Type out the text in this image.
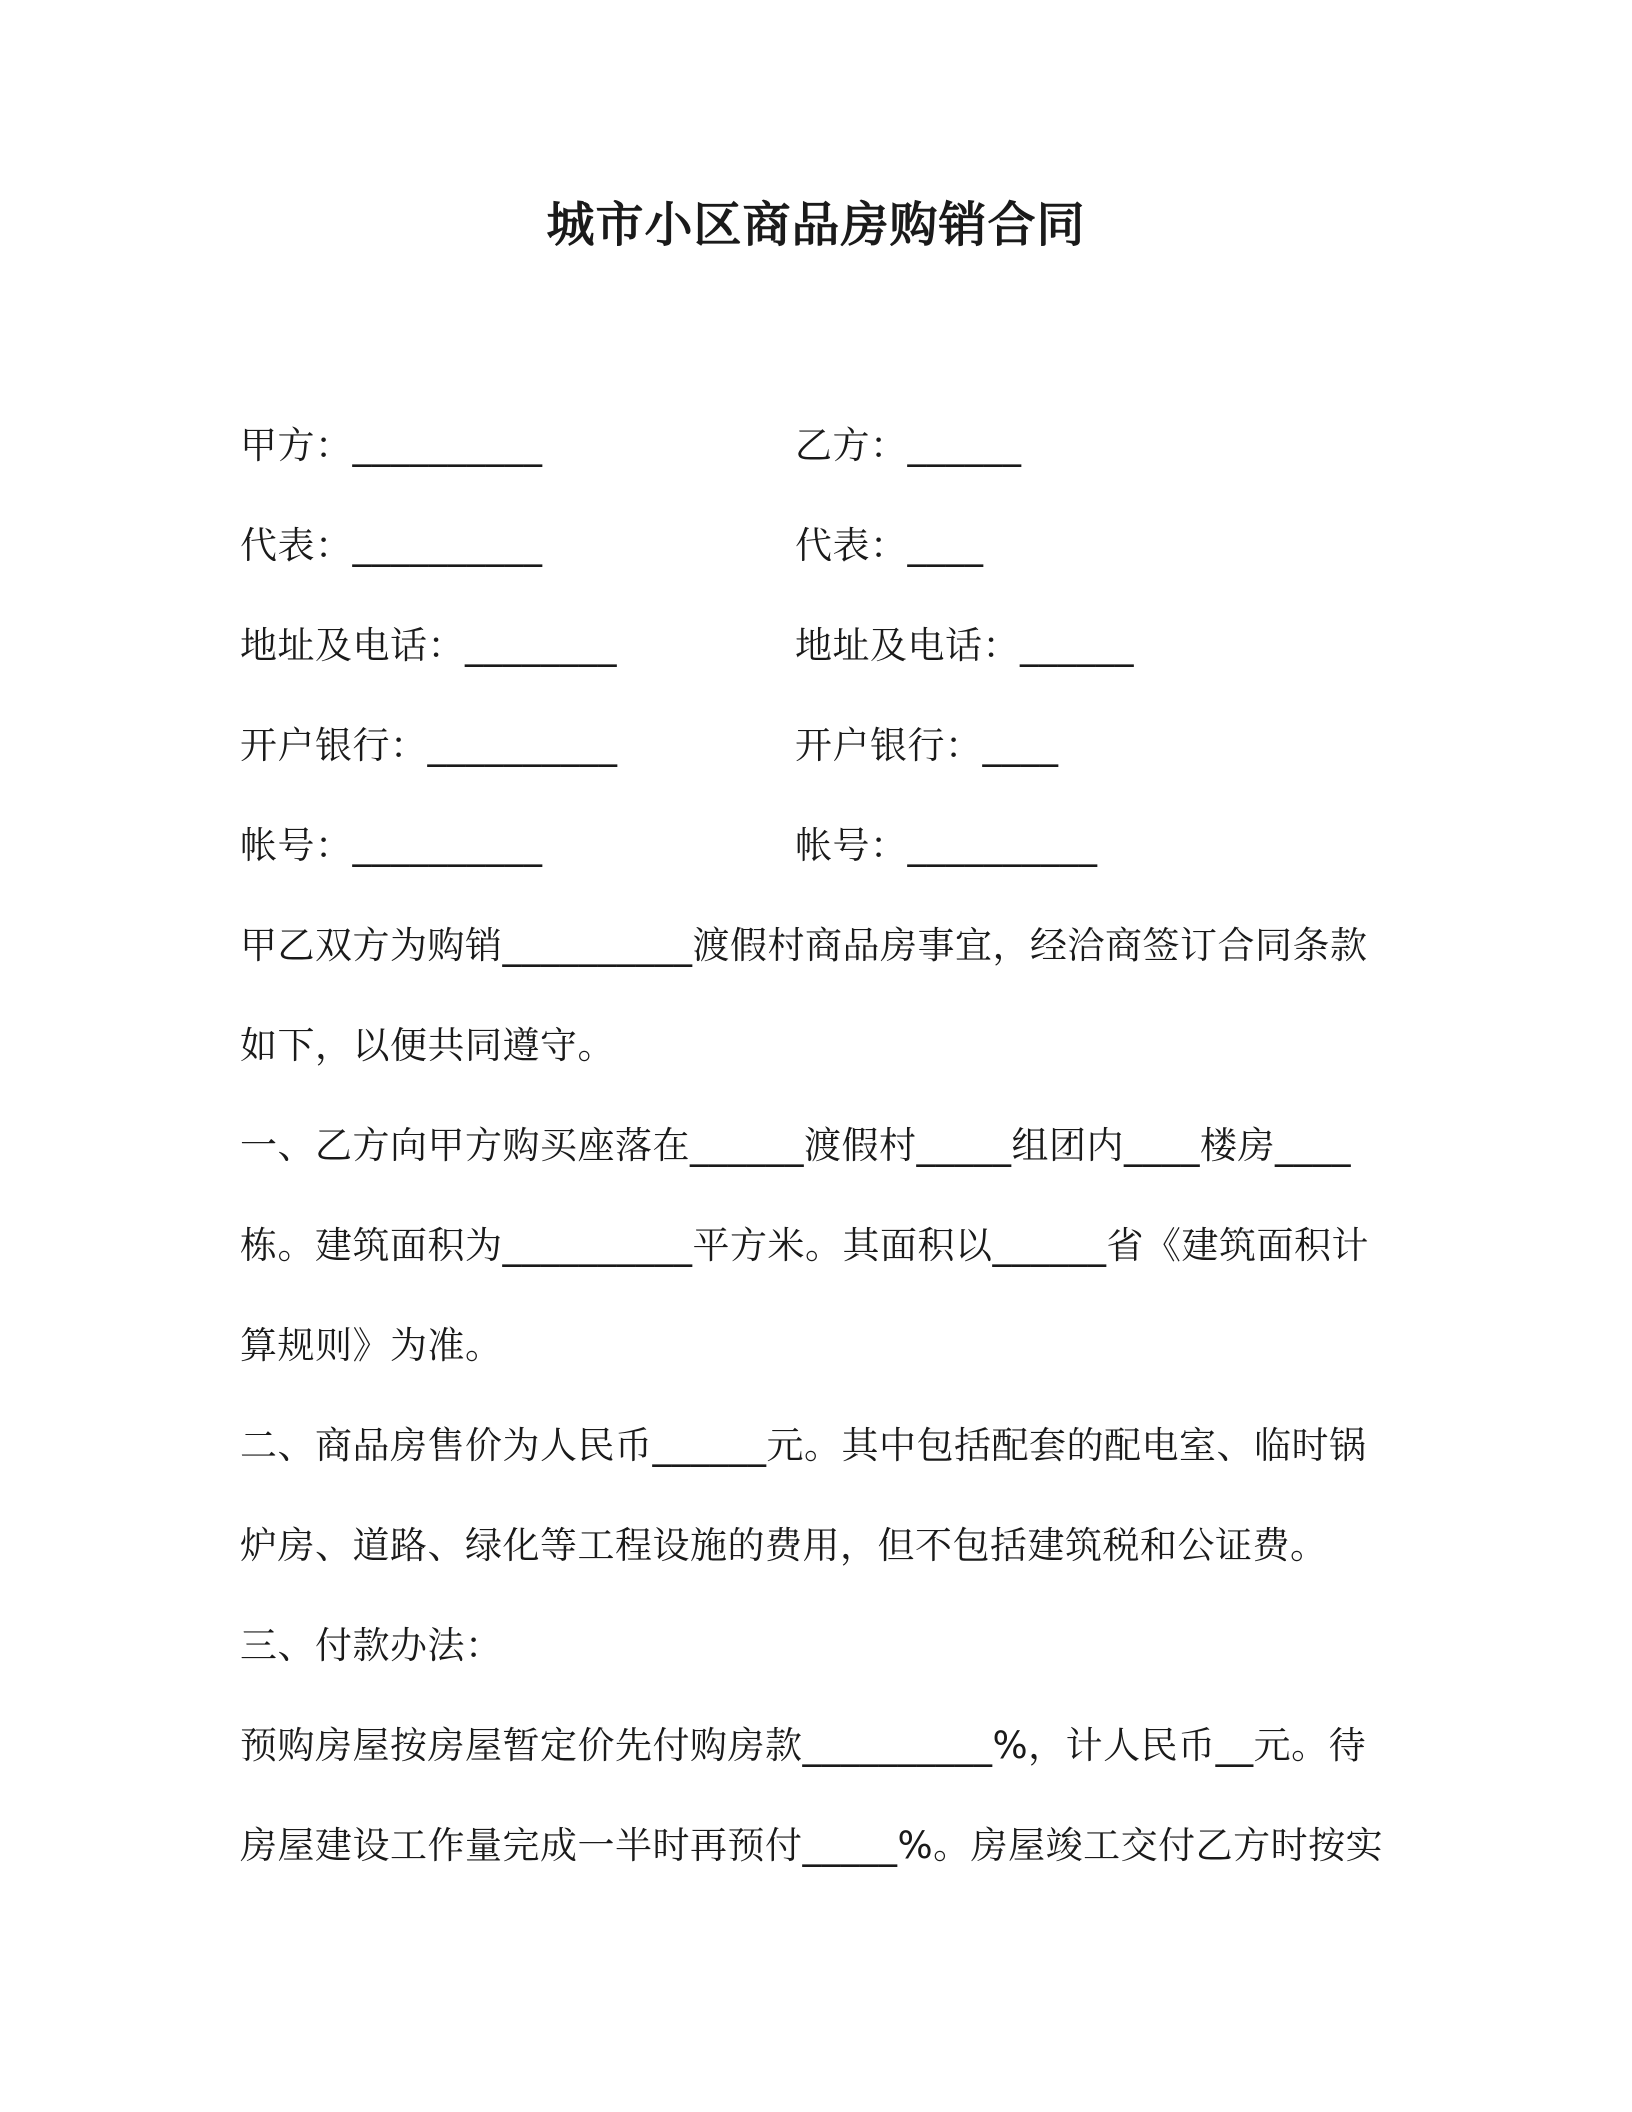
城市小区商品房购销合同
甲方：__________
代表：__________
地址及电话：________
开户银行：__________
帐号：__________
乙方：______
代表：____
地址及电话：______
开户银行：____
帐号：__________
甲乙双方为购销__________渡假村商品房事宜，经洽商签订合同条款
如下，以便共同遵守。
一、乙方向甲方购买座落在______渡假村_____组团内____楼房____
栋。建筑面积为__________平方米。其面积以______省《建筑面积计
算规则》为准。
二、商品房售价为人民币______元。其中包括配套的配电室、临时锅
炉房、道路、绿化等工程设施的费用，但不包括建筑税和公证费。
三、付款办法：
预购房屋按房屋暂定价先付购房款__________%，计人民币__元。待
房屋建设工作量完成一半时再预付_____%。房屋竣工交付乙方时按实
